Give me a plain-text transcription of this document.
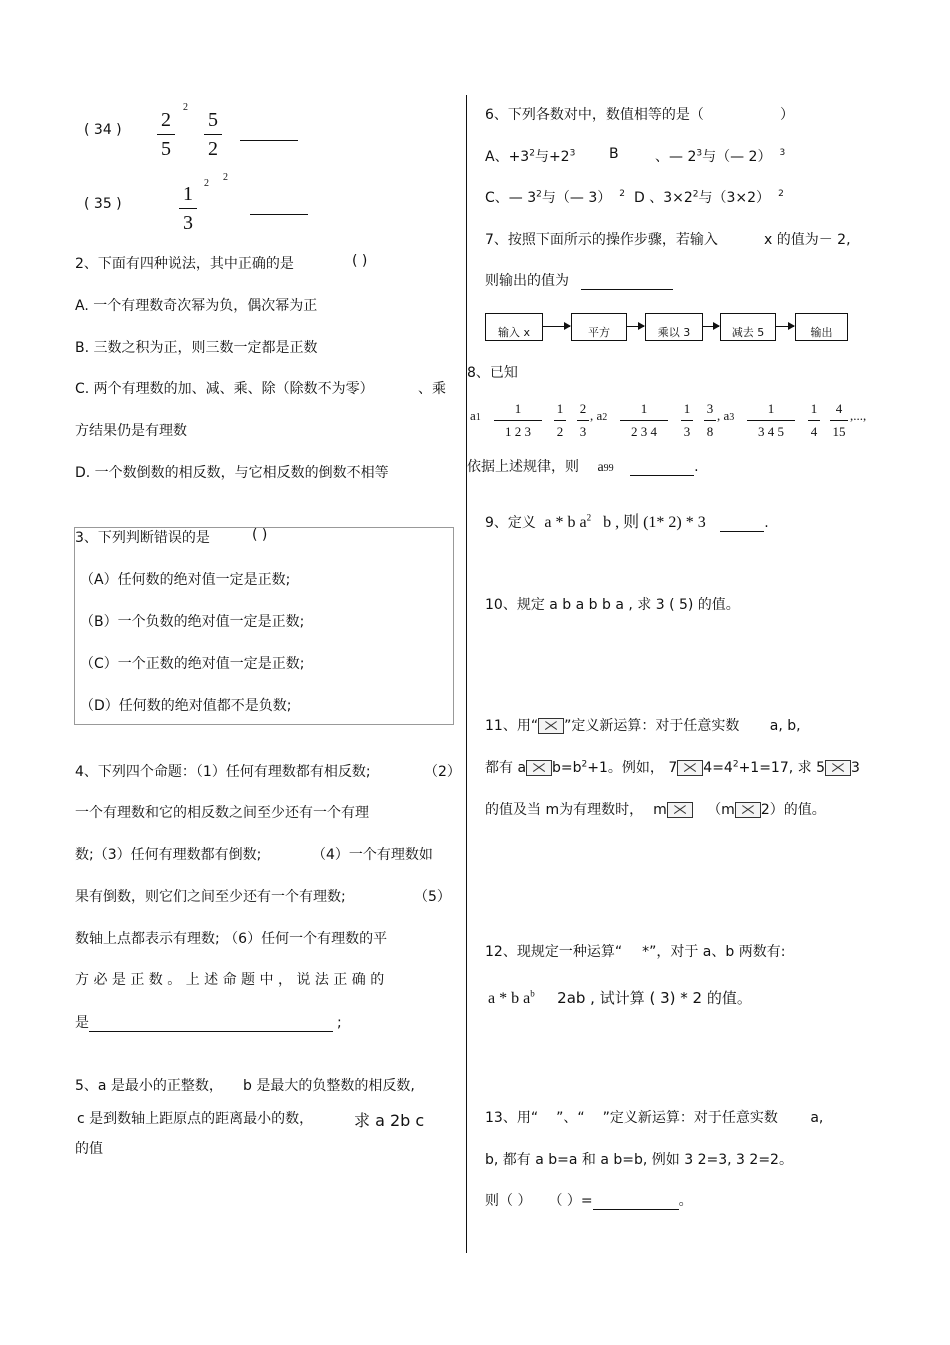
( 34 ) 2
5
2
5
2
( 35 )	1
3
2
2
2、下面有四种说法，其中正确的是	( )
A. 一个有理数奇次幂为负，偶次幂为正
B. 三数之积为正，则三数一定都是正数
C. 两个有理数的加、减、乘、除（除数不为零）	、乘
方结果仍是有理数
D. 一个数倒数的相反数，与它相反数的倒数不相等
3、下列判断错误的是	( )
（A）任何数的绝对值一定是正数;
（B）一个负数的绝对值一定是正数;
（C）一个正数的绝对值一定是正数;
（D）任何数的绝对值都不是负数;
4、下列四个命题：（1）任何有理数都有相反数;	（2）
一个有理数和它的相反数之间至少还有一个有理
数;（3）任何有理数都有倒数;	（4）一个有理数如
果有倒数，则它们之间至少还有一个有理数;	（5）
数轴上点都表示有理数; （6）任何一个有理数的平
方 必 是 正 数 。 上 述 命 题 中 ， 说 法 正 确 的
是	;
5、a 是最小的正整数， b 是最大的负整数的相反数,
c 是到数轴上距原点的距离最小的数，	求 a 2b c
的值
6、下列各数对中，数值相等的是（	）
A、$+3^2$与$+2^3$ B	、— $2^3$与（— 2） $^3$
C、— $3^2$与（— 3） $^2$ D 、$3\times 2^2$与（3×2） $^2$
7、按照下面所示的操作步骤，若输入	x 的值为－ 2,
则输出的值为
输入 x	平方	乘以 3	减去 5	输出
8、已知
a1
1
1 2 3
1
2
2
3
, a2
1
2 3 4
1
3
3
8
, a3
1
3 4 5
1
4
4
15
,...,
依据上述规律，则 a99	.
9、定义 a * b $a^2$ b , 则 (1* 2) * 3	.
10、规定 a b a b b a , 求 3 ( 5) 的值。
11、用“ ”定义新运算：对于任意实数 a, b,
都有 a $b=b^2+1$。例如， 7 $4=4^2+1=17$, 求 5 3
的值及当 m为有理数时， m	（m 2）的值。
12、现规定一种运算“ *”，对于 a、b 两数有:
a * b $a^b$ 2ab , 试计算 ( 3) * 2 的值。
13、用“ ”、“ ”定义新运算：对于任意实数 a,
b, 都有 a b=a 和 a b=b, 例如 3 2=3, 3 2=2。
则（ ） （ ）=	。
